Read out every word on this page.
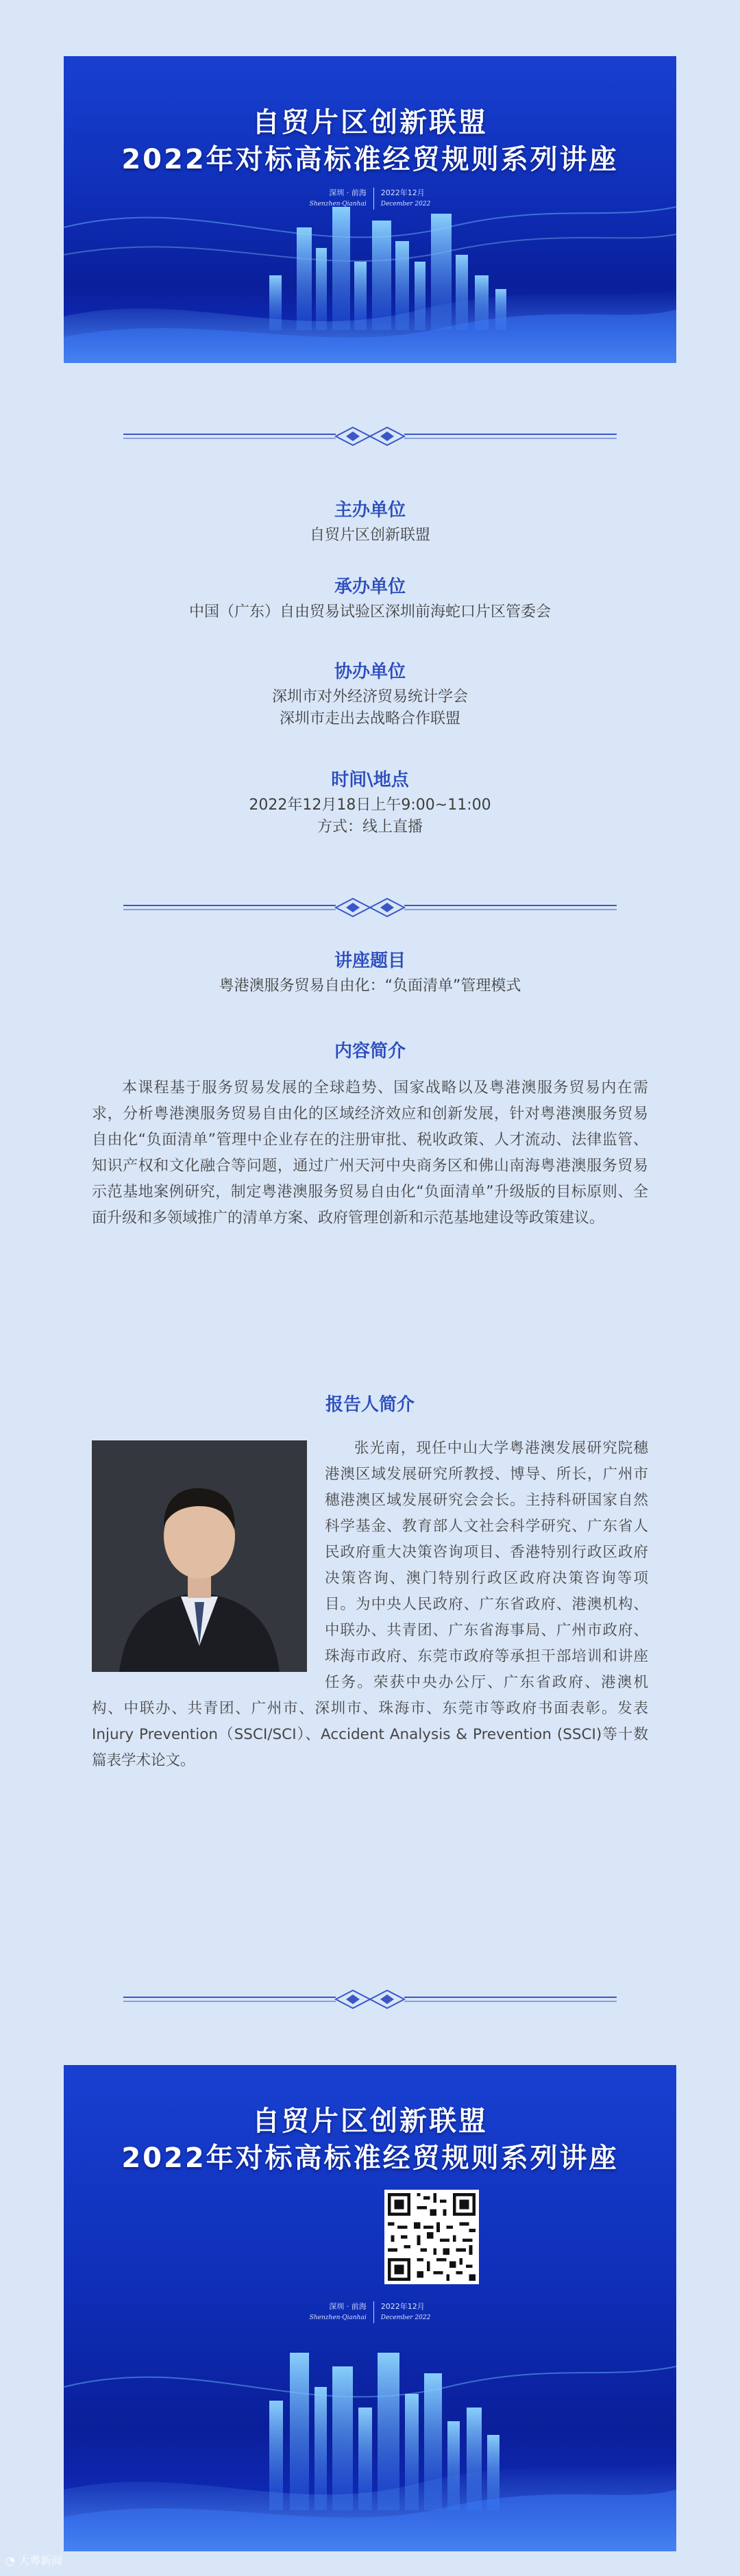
自贸片区创新联盟
2022年对标高标准经贸规则系列讲座
深圳 · 前海
Shenzhen·Qianhai2022年12月
December 2022
主办单位
自贸片区创新联盟
承办单位
中国（广东）自由贸易试验区深圳前海蛇口片区管委会
协办单位
深圳市对外经济贸易统计学会
深圳市走出去战略合作联盟
时间\地点
2022年12月18日上午9:00~11:00
方式：线上直播
讲座题目
粤港澳服务贸易自由化：“负面清单”管理模式
内容简介

本课程基于服务贸易发展的全球趋势、国家战略以及粤港澳服务贸易内在需求，分析粤港澳服务贸易自由化的区域经济效应和创新发展，针对粤港澳服务贸易自由化“负面清单”管理中企业存在的注册审批、税收政策、人才流动、法律监管、知识产权和文化融合等问题，通过广州天河中央商务区和佛山南海粤港澳服务贸易示范基地案例研究，制定粤港澳服务贸易自由化“负面清单”升级版的目标原则、全面升级和多领域推广的清单方案、政府管理创新和示范基地建设等政策建议。

报告人简介

张光南，现任中山大学粤港澳发展研究院穗港澳区域发展研究所教授、博导、所长，广州市穗港澳区域发展研究会会长。主持科研国家自然科学基金、教育部人文社会科学研究、广东省人民政府重大决策咨询项目、香港特别行政区政府决策咨询、澳门特别行政区政府决策咨询等项目。为中央人民政府、广东省政府、港澳机构、中联办、共青团、广东省海事局、广州市政府、珠海市政府、东莞市政府等承担干部培训和讲座任务。荣获中央办公厅、广东省政府、港澳机构、中联办、共青团、广州市、深圳市、珠海市、东莞市等政府书面表彰。发表Injury Prevention（SSCI/SCI）、Accident Analysis & Prevention (SSCI)等十数篇表学术论文。

自贸片区创新联盟
2022年对标高标准经贸规则系列讲座
深圳 · 前海
Shenzhen·Qianhai2022年12月
December 2022
◔ 大粤新闻
